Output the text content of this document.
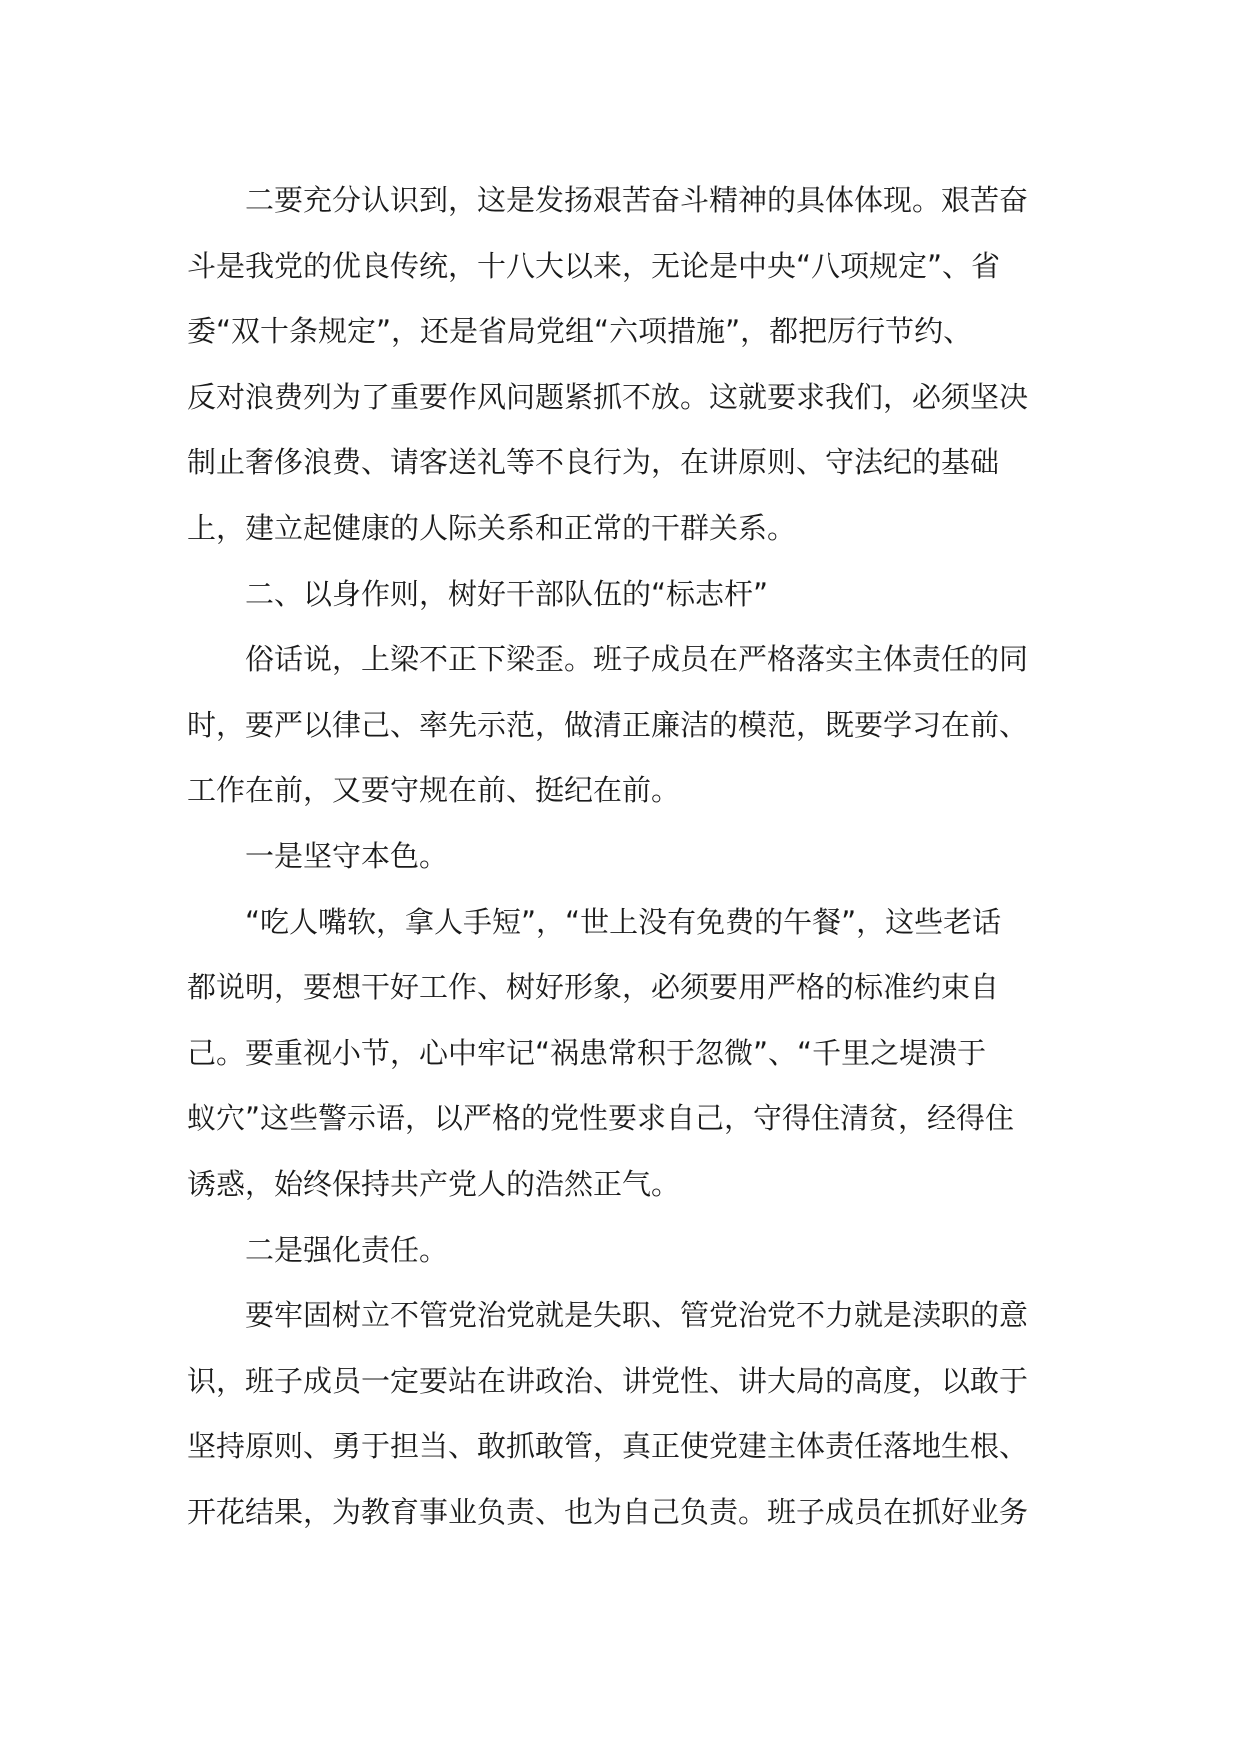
二要充分认识到，这是发扬艰苦奋斗精神的具体体现。艰苦奋
斗是我党的优良传统，十八大以来，无论是中央“八项规定”、省
委“双十条规定”，还是省局党组“六项措施”，都把厉行节约、
反对浪费列为了重要作风问题紧抓不放。这就要求我们，必须坚决
制止奢侈浪费、请客送礼等不良行为，在讲原则、守法纪的基础
上，建立起健康的人际关系和正常的干群关系。
二、以身作则，树好干部队伍的“标志杆”
俗话说，上梁不正下梁歪。班子成员在严格落实主体责任的同
时，要严以律己、率先示范，做清正廉洁的模范，既要学习在前、
工作在前，又要守规在前、挺纪在前。
一是坚守本色。
“吃人嘴软，拿人手短”，“世上没有免费的午餐”，这些老话
都说明，要想干好工作、树好形象，必须要用严格的标准约束自
己。要重视小节，心中牢记“祸患常积于忽微”、“千里之堤溃于
蚁穴”这些警示语，以严格的党性要求自己，守得住清贫，经得住
诱惑，始终保持共产党人的浩然正气。
二是强化责任。
要牢固树立不管党治党就是失职、管党治党不力就是渎职的意
识，班子成员一定要站在讲政治、讲党性、讲大局的高度，以敢于
坚持原则、勇于担当、敢抓敢管，真正使党建主体责任落地生根、
开花结果，为教育事业负责、也为自己负责。班子成员在抓好业务
